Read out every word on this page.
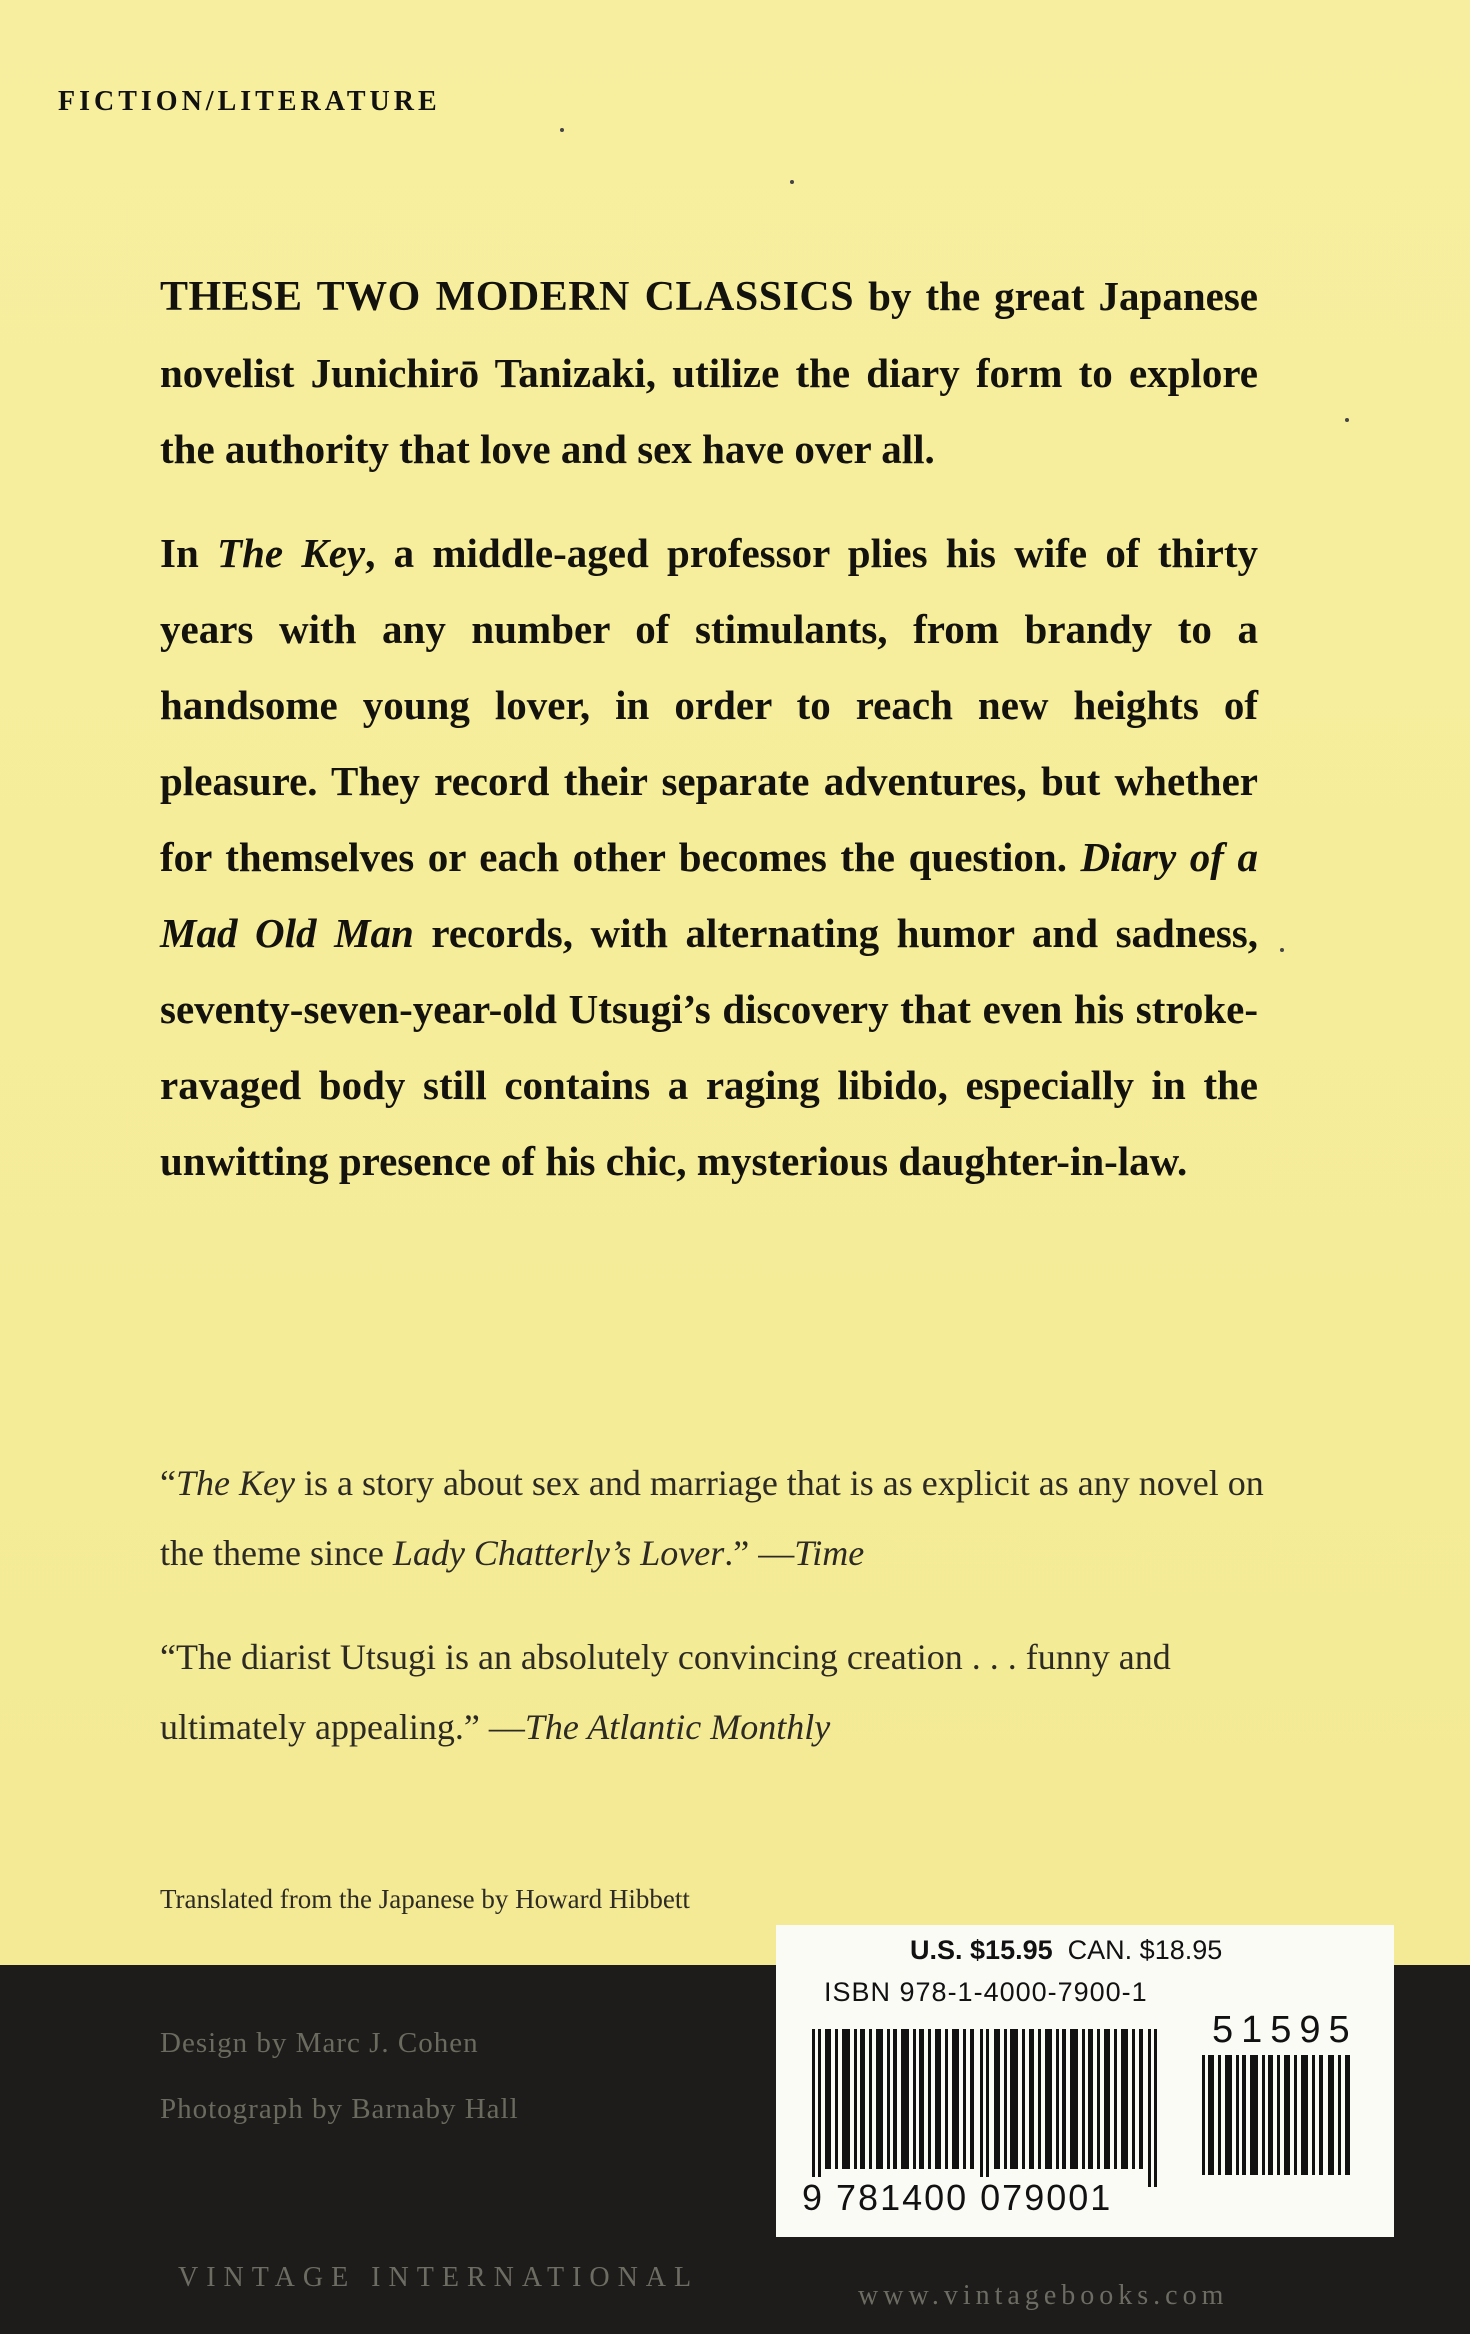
FICTION/LITERATURE

THESE TWO MODERN CLASSICS by the great Japanese novelist Junichirō Tanizaki, utilize the diary form to explore the authority that love and sex have over all.

In The Key, a middle-aged professor plies his wife of thirty years with any number of stimulants, from brandy to a handsome young lover, in order to reach new heights of pleasure. They record their separate adventures, but whether for themselves or each other becomes the question. Diary of a Mad Old Man records, with alternating humor and sadness, seventy-seven-year-old Utsugi’s discovery that even his stroke-ravaged body still contains a raging libido, especially in the unwitting presence of his chic, mysterious daughter-in-law.

“The Key is a story about sex and marriage that is as explicit as any novel on the theme since Lady Chatterly’s Lover.” —Time

“The diarist Utsugi is an absolutely convincing creation . . . funny and ultimately appealing.” —The Atlantic Monthly

Translated from the Japanese by Howard Hibbett
Design by Marc J. Cohen
Photograph by Barnaby Hall
VINTAGE INTERNATIONAL
www.vintagebooks.com
U.S. $15.95 CAN. $18.95
ISBN 978-1-4000-7900-1
51595
9 781400 079001
